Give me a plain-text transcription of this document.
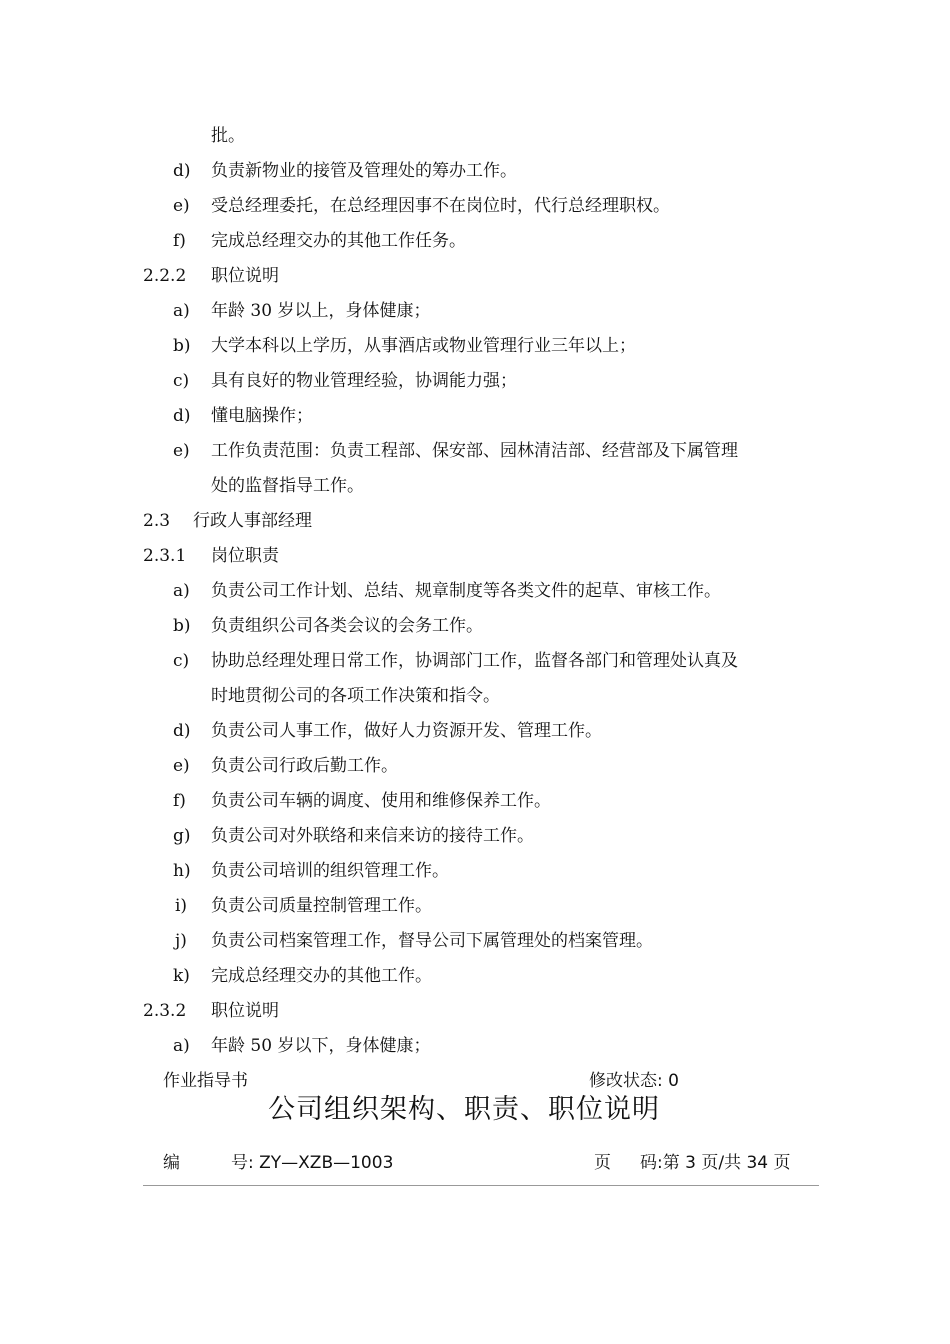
批。
d) 负责新物业的接管及管理处的筹办工作。
e) 受总经理委托，在总经理因事不在岗位时，代行总经理职权。
f) 完成总经理交办的其他工作任务。
2.2.2 职位说明
a) 年龄 30 岁以上，身体健康；
b) 大学本科以上学历，从事酒店或物业管理行业三年以上；
c) 具有良好的物业管理经验，协调能力强；
d) 懂电脑操作；
e) 工作负责范围：负责工程部、保安部、园林清洁部、经营部及下属管理
处的监督指导工作。
2.3 行政人事部经理
2.3.1 岗位职责
a) 负责公司工作计划、总结、规章制度等各类文件的起草、审核工作。
b) 负责组织公司各类会议的会务工作。
c) 协助总经理处理日常工作，协调部门工作，监督各部门和管理处认真及
时地贯彻公司的各项工作决策和指令。
d) 负责公司人事工作，做好人力资源开发、管理工作。
e) 负责公司行政后勤工作。
f) 负责公司车辆的调度、使用和维修保养工作。
g) 负责公司对外联络和来信来访的接待工作。
h) 负责公司培训的组织管理工作。
i) 负责公司质量控制管理工作。
j) 负责公司档案管理工作，督导公司下属管理处的档案管理。
k) 完成总经理交办的其他工作。
2.3.2 职位说明
a) 年龄 50 岁以下，身体健康；
作业指导书	修改状态: 0
公司组织架构、职责、职位说明
编	号: ZY—XZB—1003	页 码:第 3 页/共 34 页
